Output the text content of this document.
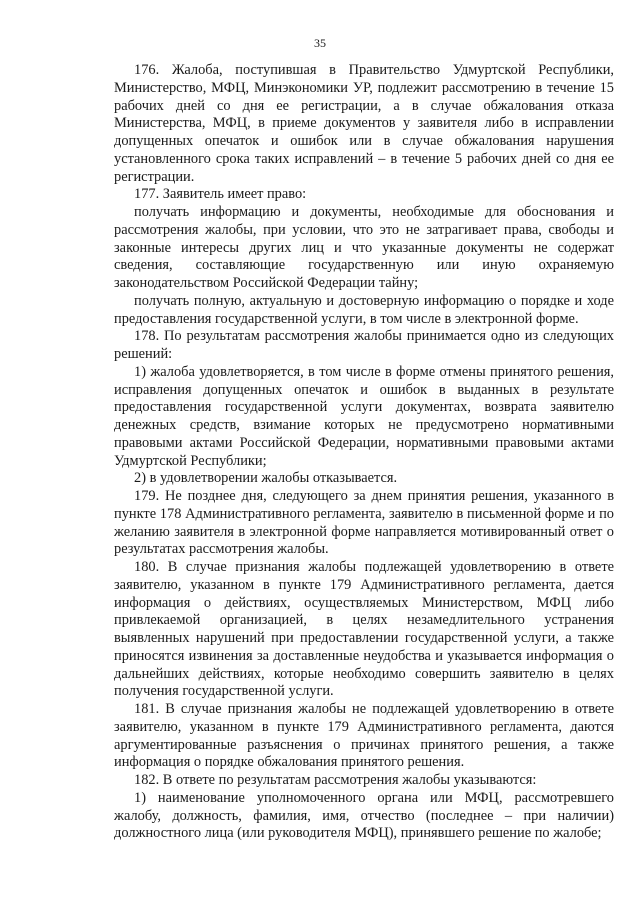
35

176. Жалоба, поступившая в Правительство Удмуртской Республики, Министерство, МФЦ, Минэкономики УР, подлежит рассмотрению в течение 15 рабочих дней со дня ее регистрации, а в случае обжалования отказа Министерства, МФЦ, в приеме документов у заявителя либо в исправлении допущенных опечаток и ошибок или в случае обжалования нарушения установленного срока таких исправлений – в течение 5 рабочих дней со дня ее регистрации.

177. Заявитель имеет право:

получать информацию и документы, необходимые для обоснования и рассмотрения жалобы, при условии, что это не затрагивает права, свободы и законные интересы других лиц и что указанные документы не содержат сведения, составляющие государственную или иную охраняемую законодательством Российской Федерации тайну;

получать полную, актуальную и достоверную информацию о порядке и ходе предоставления государственной услуги, в том числе в электронной форме.

178. По результатам рассмотрения жалобы принимается одно из следующих решений:

1) жалоба удовлетворяется, в том числе в форме отмены принятого решения, исправления допущенных опечаток и ошибок в выданных в результате предоставления государственной услуги документах, возврата заявителю денежных средств, взимание которых не предусмотрено нормативными правовыми актами Российской Федерации, нормативными правовыми актами Удмуртской Республики;

2) в удовлетворении жалобы отказывается.

179. Не позднее дня, следующего за днем принятия решения, указанного в пункте 178 Административного регламента, заявителю в письменной форме и по желанию заявителя в электронной форме направляется мотивированный ответ о результатах рассмотрения жалобы.

180. В случае признания жалобы подлежащей удовлетворению в ответе заявителю, указанном в пункте 179 Административного регламента, дается информация о действиях, осуществляемых Министерством, МФЦ либо привлекаемой организацией, в целях незамедлительного устранения выявленных нарушений при предоставлении государственной услуги, а также приносятся извинения за доставленные неудобства и указывается информация о дальнейших действиях, которые необходимо совершить заявителю в целях получения государственной услуги.

181. В случае признания жалобы не подлежащей удовлетворению в ответе заявителю, указанном в пункте 179 Административного регламента, даются аргументированные разъяснения о причинах принятого решения, а также информация о порядке обжалования принятого решения.

182. В ответе по результатам рассмотрения жалобы указываются:

1) наименование уполномоченного органа или МФЦ, рассмотревшего жалобу, должность, фамилия, имя, отчество (последнее – при наличии) должностного лица (или руководителя МФЦ), принявшего решение по жалобе;
